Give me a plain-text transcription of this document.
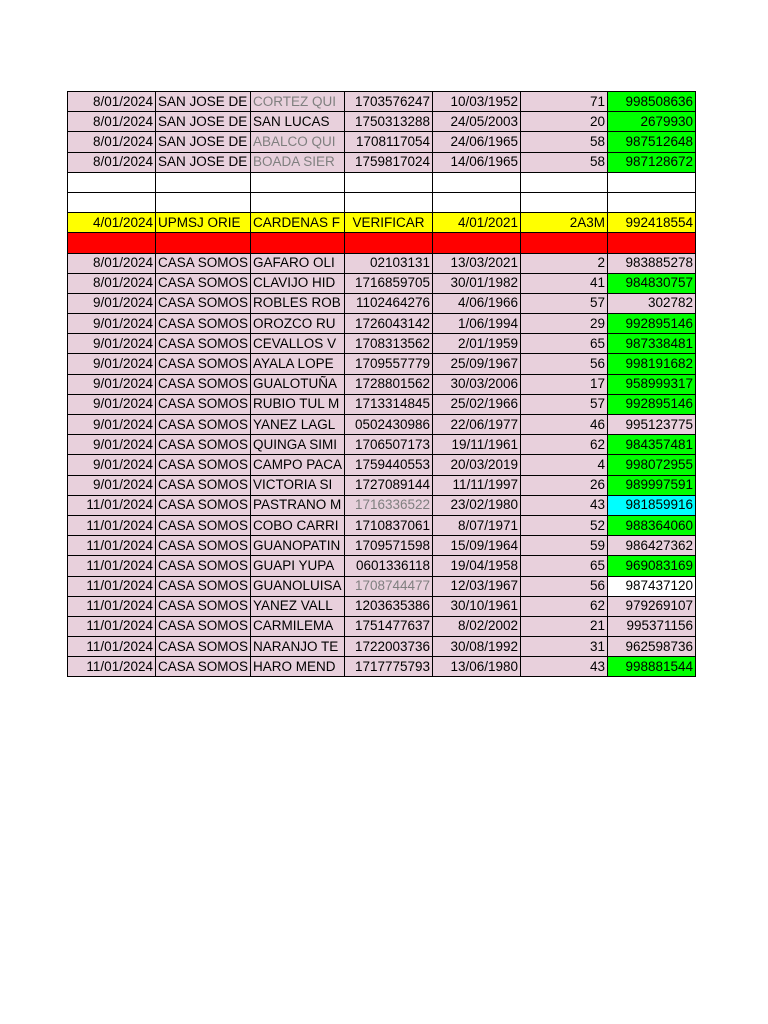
8/01/2024	SAN JOSE DE	CORTEZ QUI	1703576247	10/03/1952	71	998508636
8/01/2024	SAN JOSE DE	SAN LUCAS	1750313288	24/05/2003	20	2679930
8/01/2024	SAN JOSE DE	ABALCO QUI	1708117054	24/06/1965	58	987512648
8/01/2024	SAN JOSE DE	BOADA SIER	1759817024	14/06/1965	58	987128672

4/01/2024	UPMSJ ORIE	CARDENAS F	VERIFICAR	4/01/2021	2A3M	992418554

8/01/2024	CASA SOMOS	GAFARO OLI	02103131	13/03/2021	2	983885278
8/01/2024	CASA SOMOS	CLAVIJO HID	1716859705	30/01/1982	41	984830757
9/01/2024	CASA SOMOS	ROBLES ROB	1102464276	4/06/1966	57	302782
9/01/2024	CASA SOMOS	OROZCO RU	1726043142	1/06/1994	29	992895146
9/01/2024	CASA SOMOS	CEVALLOS V	1708313562	2/01/1959	65	987338481
9/01/2024	CASA SOMOS	AYALA LOPE	1709557779	25/09/1967	56	998191682
9/01/2024	CASA SOMOS	GUALOTUÑA	1728801562	30/03/2006	17	958999317
9/01/2024	CASA SOMOS	RUBIO TUL M	1713314845	25/02/1966	57	992895146
9/01/2024	CASA SOMOS	YANEZ LAGL	0502430986	22/06/1977	46	995123775
9/01/2024	CASA SOMOS	QUINGA SIMI	1706507173	19/11/1961	62	984357481
9/01/2024	CASA SOMOS	CAMPO PACA	1759440553	20/03/2019	4	998072955
9/01/2024	CASA SOMOS	VICTORIA SI	1727089144	11/11/1997	26	989997591
11/01/2024	CASA SOMOS	PASTRANO M	1716336522	23/02/1980	43	981859916
11/01/2024	CASA SOMOS	COBO CARRI	1710837061	8/07/1971	52	988364060
11/01/2024	CASA SOMOS	GUANOPATIN	1709571598	15/09/1964	59	986427362
11/01/2024	CASA SOMOS	GUAPI YUPA	0601336118	19/04/1958	65	969083169
11/01/2024	CASA SOMOS	GUANOLUISA	1708744477	12/03/1967	56	987437120
11/01/2024	CASA SOMOS	YANEZ VALL	1203635386	30/10/1961	62	979269107
11/01/2024	CASA SOMOS	CARMILEMA	1751477637	8/02/2002	21	995371156
11/01/2024	CASA SOMOS	NARANJO TE	1722003736	30/08/1992	31	962598736
11/01/2024	CASA SOMOS	HARO MEND	1717775793	13/06/1980	43	998881544
